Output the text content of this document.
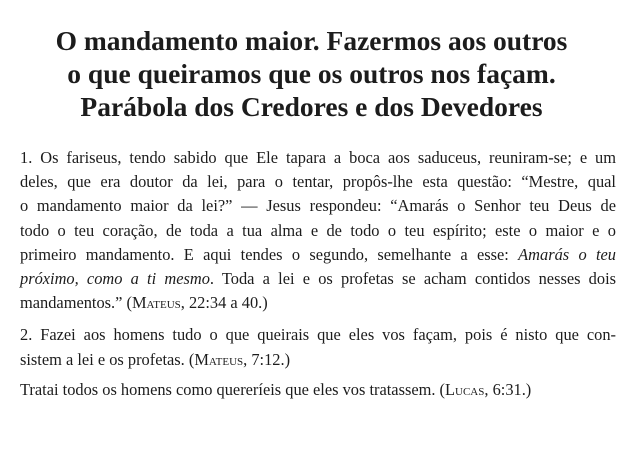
O mandamento maior. Fazermos aos outros
o que queiramos que os outros nos façam.
Parábola dos Credores e dos Devedores

1. Os fariseus, tendo sabido que Ele tapara a boca aos saduceus, reuniram-se; e um
deles, que era doutor da lei, para o tentar, propôs-lhe esta questão: “Mestre, qual
o mandamento maior da lei?” — Jesus respondeu: “Amarás o Senhor teu Deus de
todo o teu coração, de toda a tua alma e de todo o teu espírito; este o maior e o
primeiro mandamento. E aqui tendes o segundo, semelhante a esse: Amarás o teu
próximo, como a ti mesmo. Toda a lei e os profetas se acham contidos nesses dois
mandamentos.” (Mateus, 22:34 a 40.)

2. Fazei aos homens tudo o que queirais que eles vos façam, pois é nisto que con-
sistem a lei e os profetas. (Mateus, 7:12.)

Tratai todos os homens como quereríeis que eles vos tratassem. (Lucas, 6:31.)
